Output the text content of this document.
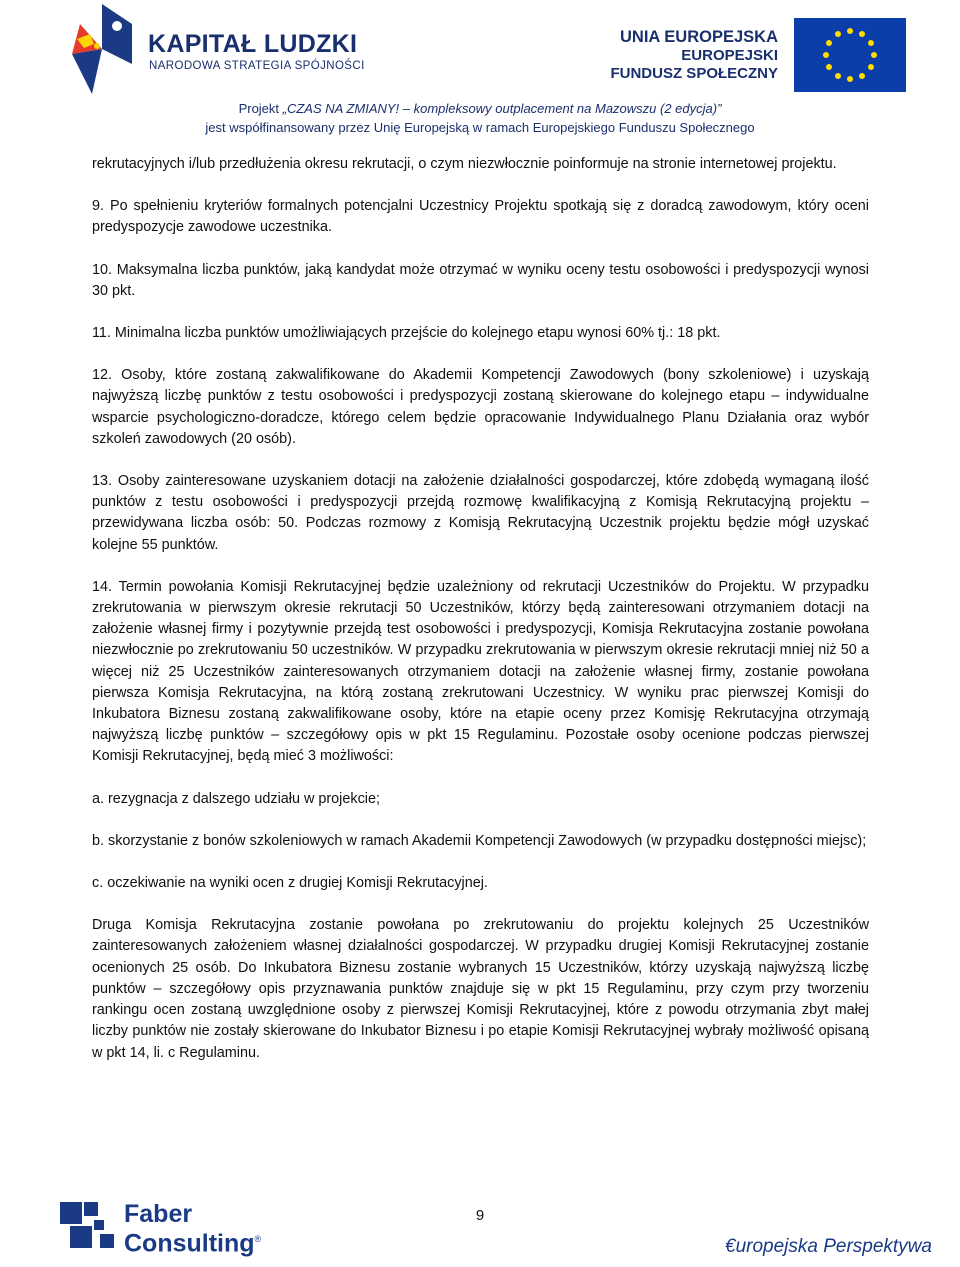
KAPITAŁ LUDZKI
NARODOWA STRATEGIA SPÓJNOŚCI
UNIA EUROPEJSKA
EUROPEJSKI
FUNDUSZ SPOŁECZNY
Projekt „CZAS NA ZMIANY! – kompleksowy outplacement na Mazowszu (2 edycja)”
jest współfinansowany przez Unię Europejską w ramach Europejskiego Funduszu Społecznego

rekrutacyjnych i/lub przedłużenia okresu rekrutacji, o czym niezwłocznie poinformuje na stronie internetowej projektu.

9. Po spełnieniu kryteriów formalnych potencjalni Uczestnicy Projektu spotkają się z doradcą zawodowym, który oceni predyspozycje zawodowe uczestnika.

10. Maksymalna liczba punktów, jaką kandydat może otrzymać w wyniku oceny testu osobowości i predyspozycji wynosi 30 pkt.

11. Minimalna liczba punktów umożliwiających przejście do kolejnego etapu wynosi 60% tj.: 18 pkt.

12. Osoby, które zostaną zakwalifikowane do Akademii Kompetencji Zawodowych (bony szkoleniowe) i uzyskają najwyższą liczbę punktów z testu osobowości i predyspozycji zostaną skierowane do kolejnego etapu – indywidualne wsparcie psychologiczno-doradcze, którego celem będzie opracowanie Indywidualnego Planu Działania oraz wybór szkoleń zawodowych (20 osób).

13. Osoby zainteresowane uzyskaniem dotacji na założenie działalności gospodarczej, które zdobędą wymaganą ilość punktów z testu osobowości i predyspozycji przejdą rozmowę kwalifikacyjną z Komisją Rekrutacyjną projektu – przewidywana liczba osób: 50. Podczas rozmowy z Komisją Rekrutacyjną Uczestnik projektu będzie mógł uzyskać kolejne 55 punktów.

14. Termin powołania Komisji Rekrutacyjnej będzie uzależniony od rekrutacji Uczestników do Projektu. W przypadku zrekrutowania w pierwszym okresie rekrutacji 50 Uczestników, którzy będą zainteresowani otrzymaniem dotacji na założenie własnej firmy i pozytywnie przejdą test osobowości i predyspozycji, Komisja Rekrutacyjna zostanie powołana niezwłocznie po zrekrutowaniu 50 uczestników. W przypadku zrekrutowania w pierwszym okresie rekrutacji mniej niż 50 a więcej niż 25 Uczestników zainteresowanych otrzymaniem dotacji na założenie własnej firmy, zostanie powołana pierwsza Komisja Rekrutacyjna, na którą zostaną zrekrutowani Uczestnicy. W wyniku prac pierwszej Komisji do Inkubatora Biznesu zostaną zakwalifikowane osoby, które na etapie oceny przez Komisję Rekrutacyjna otrzymają najwyższą liczbę punktów – szczegółowy opis w pkt 15 Regulaminu. Pozostałe osoby ocenione podczas pierwszej Komisji Rekrutacyjnej, będą mieć 3 możliwości:

a. rezygnacja z dalszego udziału w projekcie;

b. skorzystanie z bonów szkoleniowych w ramach Akademii Kompetencji Zawodowych (w przypadku dostępności miejsc);

c. oczekiwanie na wyniki ocen z drugiej Komisji Rekrutacyjnej.

Druga Komisja Rekrutacyjna zostanie powołana po zrekrutowaniu do projektu kolejnych 25 Uczestników zainteresowanych założeniem własnej działalności gospodarczej. W przypadku drugiej Komisji Rekrutacyjnej zostanie ocenionych 25 osób. Do Inkubatora Biznesu zostanie wybranych 15 Uczestników, którzy uzyskają najwyższą liczbę punktów – szczegółowy opis przyznawania punktów znajduje się w pkt 15 Regulaminu, przy czym przy tworzeniu rankingu ocen zostaną uwzględnione osoby z pierwszej Komisji Rekrutacyjnej, które z powodu otrzymania zbyt małej liczby punktów nie zostały skierowane do Inkubator Biznesu i po etapie Komisji Rekrutacyjnej wybrały możliwość opisaną w pkt 14, li. c Regulaminu.

Faber
Consulting®
9
€uropejska Perspektywa
